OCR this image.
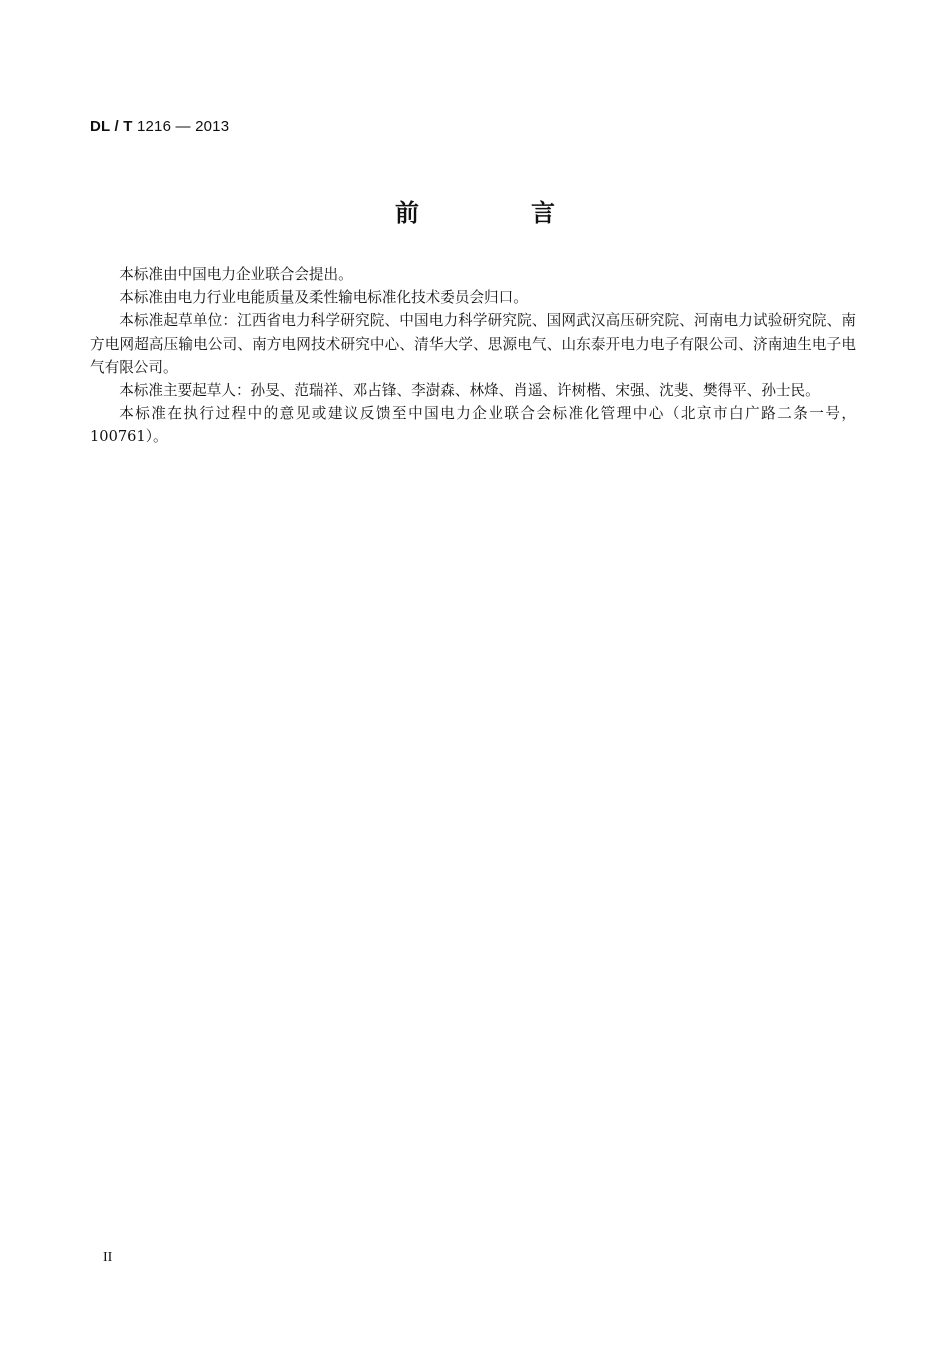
DL / T 1216 — 2013
前　言

本标准由中国电力企业联合会提出。

本标准由电力行业电能质量及柔性输电标准化技术委员会归口。

本标准起草单位：江西省电力科学研究院、中国电力科学研究院、国网武汉高压研究院、河南电力试验研究院、南方电网超高压输电公司、南方电网技术研究中心、清华大学、思源电气、山东泰开电力电子有限公司、济南迪生电子电气有限公司。

本标准主要起草人：孙旻、范瑞祥、邓占锋、李澍森、林烽、肖遥、许树楷、宋强、沈斐、樊得平、孙士民。

本标准在执行过程中的意见或建议反馈至中国电力企业联合会标准化管理中心（北京市白广路二条一号，100761）。

II
